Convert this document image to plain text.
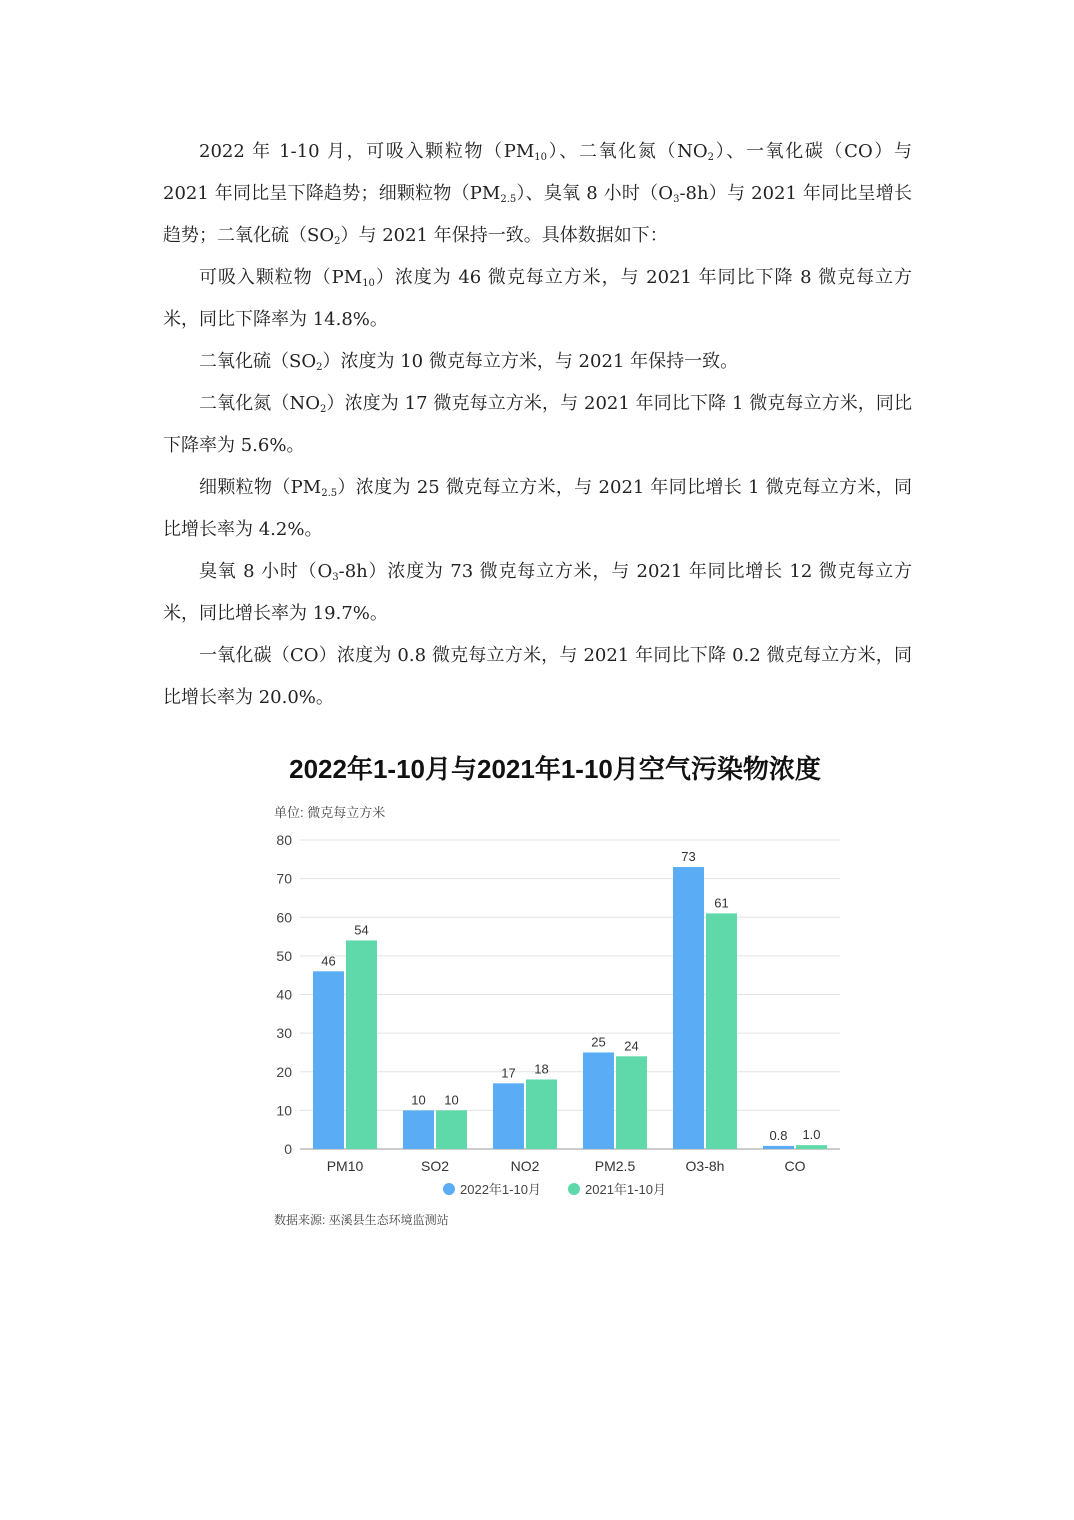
2022 年 1-10 月，可吸入颗粒物$(PM_{10})$、二氧化氮$(NO_2)$、一氧化碳（CO）与 2021 年同比呈下降趋势；细颗粒物$(PM_{2.5})$、臭氧 8 小时$(O_3-8h)$与 2021 年同比呈增长趋势；二氧化硫$(SO_2)$与 2021 年保持一致。具体数据如下：

可吸入颗粒物$(PM_{10})$浓度为 46 微克每立方米，与 2021 年同比下降 8 微克每立方米，同比下降率为 14.8%。

二氧化硫$(SO_2)$浓度为 10 微克每立方米，与 2021 年保持一致。

二氧化氮$(NO_2)$浓度为 17 微克每立方米，与 2021 年同比下降 1 微克每立方米，同比下降率为 5.6%。

细颗粒物$(PM_{2.5})$浓度为 25 微克每立方米，与 2021 年同比增长 1 微克每立方米，同比增长率为 4.2%。

臭氧 8 小时$(O_3-8h)$浓度为 73 微克每立方米，与 2021 年同比增长 12 微克每立方米，同比增长率为 19.7%。

一氧化碳（CO）浓度为 0.8 微克每立方米，与 2021 年同比下降 0.2 微克每立方米，同比增长率为 20.0%。

2022年1-10月与2021年1-10月空气污染物浓度
单位: 微克每立方米
0
10
20
30
40
50
60
70
80
46
54
10 10
17 18
25 24
73
61
0.8 1.0
PM10	SO2	NO2	PM2.5	O3-8h	CO
2022年1-10月	2021年1-10月
数据来源: 巫溪县生态环境监测站
